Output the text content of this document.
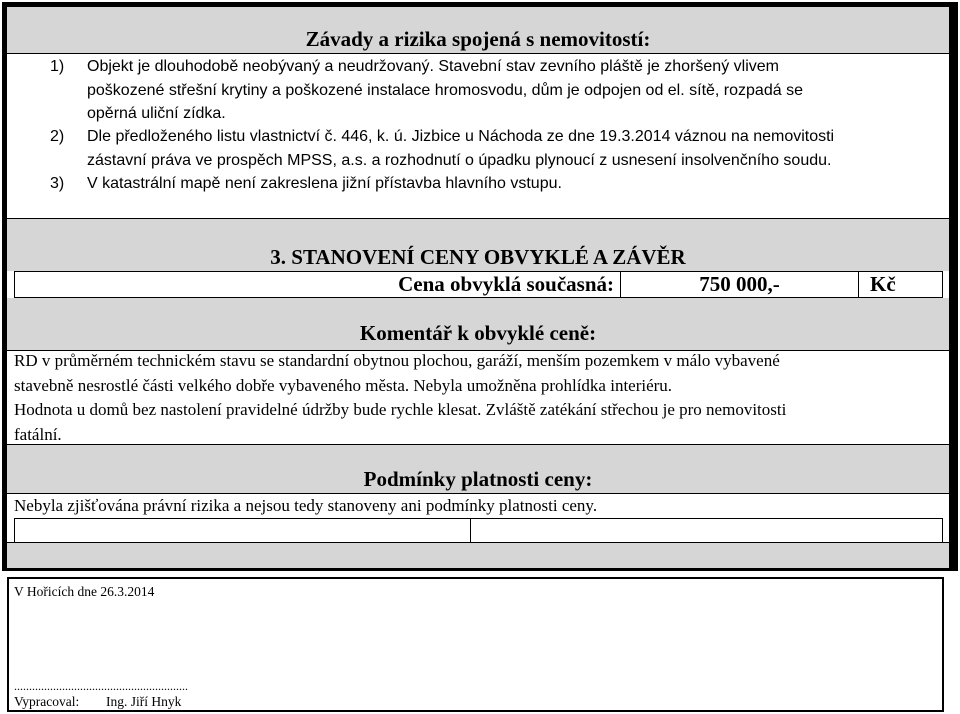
Závady a rizika spojená s nemovitostí:
1)	Objekt je dlouhodobě neobývaný a neudržovaný. Stavební stav zevního pláště je zhoršený vlivem
poškozené střešní krytiny a poškozené instalace hromosvodu, dům je odpojen od el. sítě, rozpadá se
opěrná uliční zídka.
2)	Dle předloženého listu vlastnictví č. 446, k. ú. Jizbice u Náchoda ze dne 19.3.2014 váznou na nemovitosti
zástavní práva ve prospěch MPSS, a.s. a rozhodnutí o úpadku plynoucí z usnesení insolvenčního soudu.
3)	V katastrální mapě není zakreslena jižní přístavba hlavního vstupu.
3. STANOVENÍ CENY OBVYKLÉ A ZÁVĚR
Cena obvyklá současná:	750 000,-	Kč
Komentář k obvyklé ceně:
RD v průměrném technickém stavu se standardní obytnou plochou, garáží, menším pozemkem v málo vybavené
stavebně nesrostlé části velkého dobře vybaveného města. Nebyla umožněna prohlídka interiéru.
Hodnota u domů bez nastolení pravidelné údržby bude rychle klesat. Zvláště zatékání střechou je pro nemovitosti
fatální.
Podmínky platnosti ceny:
Nebyla zjišťována právní rizika a nejsou tedy stanoveny ani podmínky platnosti ceny.
V Hořicích dne 26.3.2014
..........................................................
Vypracoval: Ing. Jiří Hnyk
